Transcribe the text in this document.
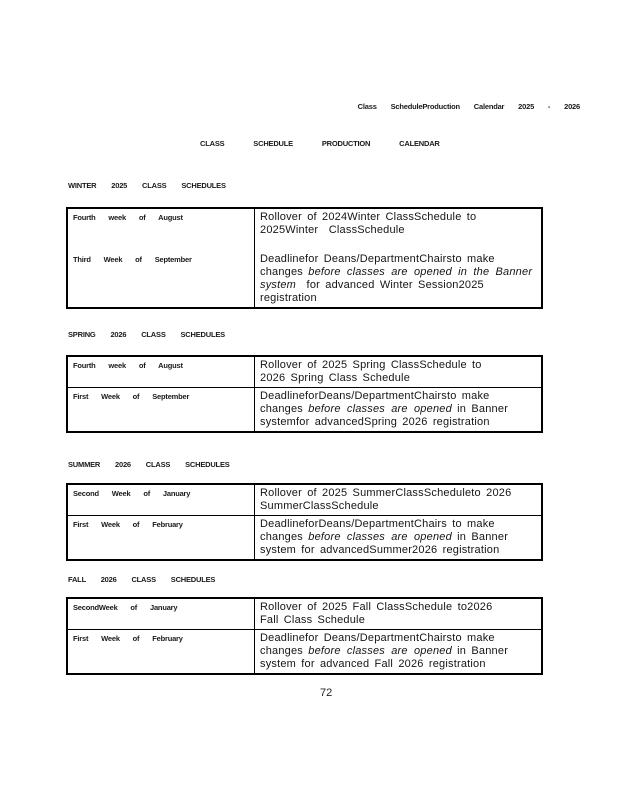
Class ScheduleProduction Calendar 2025 - 2026
CLASS SCHEDULE PRODUCTION CALENDAR
WINTER 2025 CLASS SCHEDULES
Fourth week of August	Rollover of 2024Winter ClassSchedule to
2025Winter  ClassSchedule
Third Week of September	Deadlinefor Deans/DepartmentChairsto make
changes before classes are opened in the Banner
system  for advanced Winter Session2025
registration
SPRING 2026 CLASS SCHEDULES
Fourth week of August	Rollover of 2025 Spring ClassSchedule to
2026 Spring Class Schedule
First Week of September	DeadlineforDeans/DepartmentChairsto make
changes before classes are opened in Banner
systemfor advancedSpring 2026 registration
SUMMER 2026 CLASS SCHEDULES
Second Week of January	Rollover of 2025 SummerClassScheduleto 2026
SummerClassSchedule
First Week of February	DeadlineforDeans/DepartmentChairs to make
changes before classes are opened in Banner
system for advancedSummer2026 registration
FALL 2026 CLASS SCHEDULES
SecondWeek of January	Rollover of 2025 Fall ClassSchedule to2026
Fall Class Schedule
First Week of February	Deadlinefor Deans/DepartmentChairsto make
changes before classes are opened in Banner
system for advanced Fall 2026 registration
72
